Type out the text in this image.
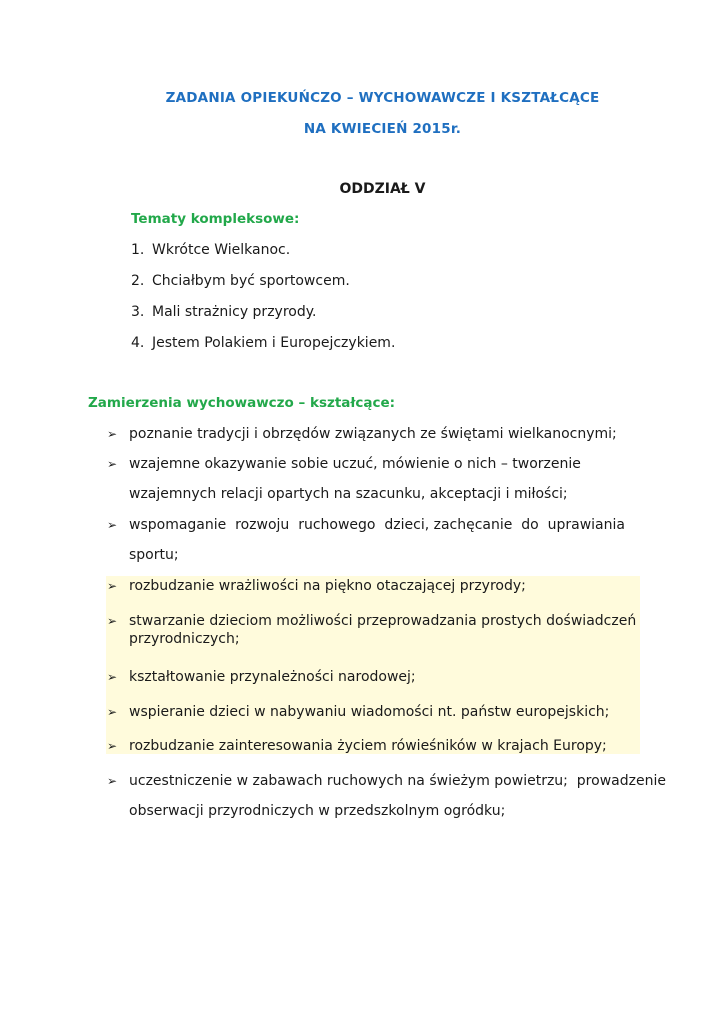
ZADANIA OPIEKUŃCZO – WYCHOWAWCZE I KSZTAŁCĄCE
NA KWIECIEŃ 2015r.
ODDZIAŁ V
Tematy kompleksowe:
1. Wkrótce Wielkanoc.
2. Chciałbym być sportowcem.
3. Mali strażnicy przyrody.
4. Jestem Polakiem i Europejczykiem.
Zamierzenia wychowawczo – kształcące:
➢ poznanie tradycji i obrzędów związanych ze świętami wielkanocnymi;
➢ wzajemne okazywanie sobie uczuć, mówienie o nich – tworzenie
wzajemnych relacji opartych na szacunku, akceptacji i miłości;
➢ wspomaganie  rozwoju  ruchowego  dzieci, zachęcanie  do  uprawiania
sportu;
➢ rozbudzanie wrażliwości na piękno otaczającej przyrody;
➢ stwarzanie dzieciom możliwości przeprowadzania prostych doświadczeń
przyrodniczych;
➢ kształtowanie przynależności narodowej;
➢ wspieranie dzieci w nabywaniu wiadomości nt. państw europejskich;
➢ rozbudzanie zainteresowania życiem rówieśników w krajach Europy;
➢ uczestniczenie w zabawach ruchowych na świeżym powietrzu;  prowadzenie
obserwacji przyrodniczych w przedszkolnym ogródku;
